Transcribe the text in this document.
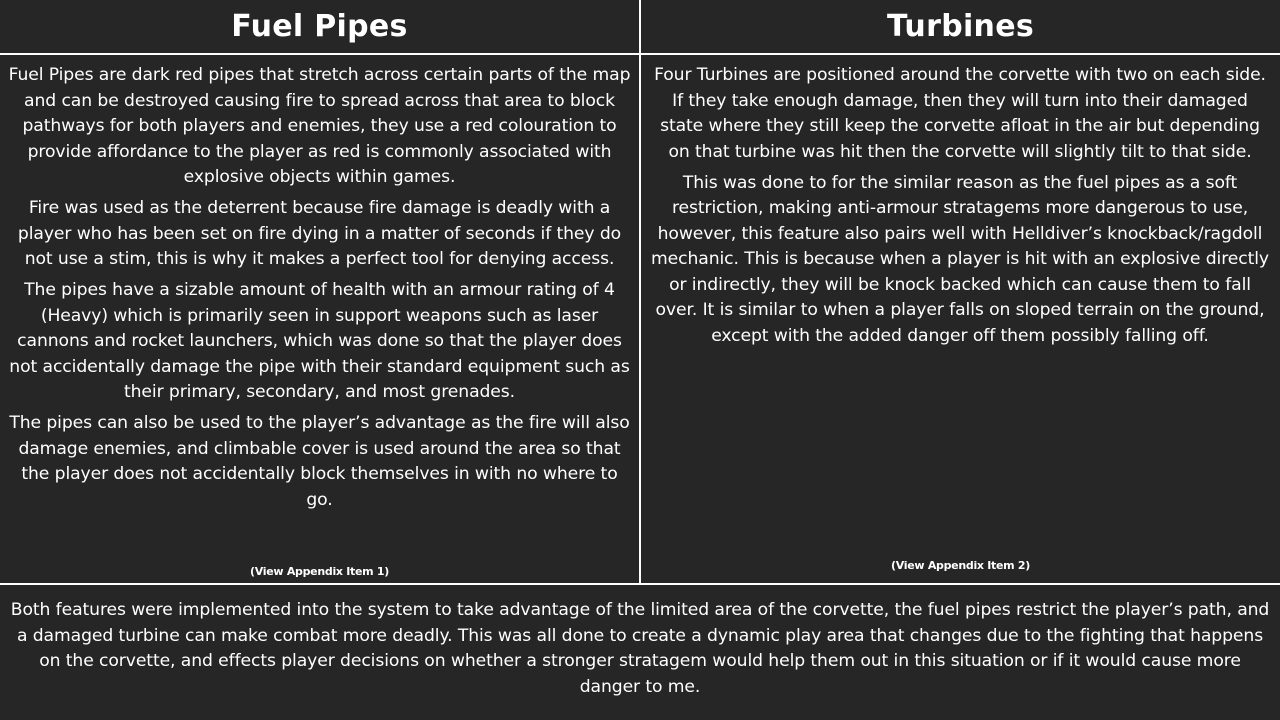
Fuel Pipes

Fuel Pipes are dark red pipes that stretch across certain parts of the map and can be destroyed causing fire to spread across that area to block pathways for both players and enemies, they use a red colouration to provide affordance to the player as red is commonly associated with explosive objects within games.

Fire was used as the deterrent because fire damage is deadly with a player who has been set on fire dying in a matter of seconds if they do not use a stim, this is why it makes a perfect tool for denying access.

The pipes have a sizable amount of health with an armour rating of 4 (Heavy) which is primarily seen in support weapons such as laser cannons and rocket launchers, which was done so that the player does not accidentally damage the pipe with their standard equipment such as their primary, secondary, and most grenades.

The pipes can also be used to the player’s advantage as the fire will also damage enemies, and climbable cover is used around the area so that the player does not accidentally block themselves in with no where to go.

(View Appendix Item 1)
Turbines

Four Turbines are positioned around the corvette with two on each side. If they take enough damage, then they will turn into their damaged state where they still keep the corvette afloat in the air but depending on that turbine was hit then the corvette will slightly tilt to that side.

This was done to for the similar reason as the fuel pipes as a soft restriction, making anti-armour stratagems more dangerous to use, however, this feature also pairs well with Helldiver’s knockback/ragdoll mechanic. This is because when a player is hit with an explosive directly or indirectly, they will be knock backed which can cause them to fall over. It is similar to when a player falls on sloped terrain on the ground, except with the added danger off them possibly falling off.

(View Appendix Item 2)
Both features were implemented into the system to take advantage of the limited area of the corvette, the fuel pipes restrict the player’s path, and a damaged turbine can make combat more deadly. This was all done to create a dynamic play area that changes due to the fighting that happens on the corvette, and effects player decisions on whether a stronger stratagem would help them out in this situation or if it would cause more danger to me.
